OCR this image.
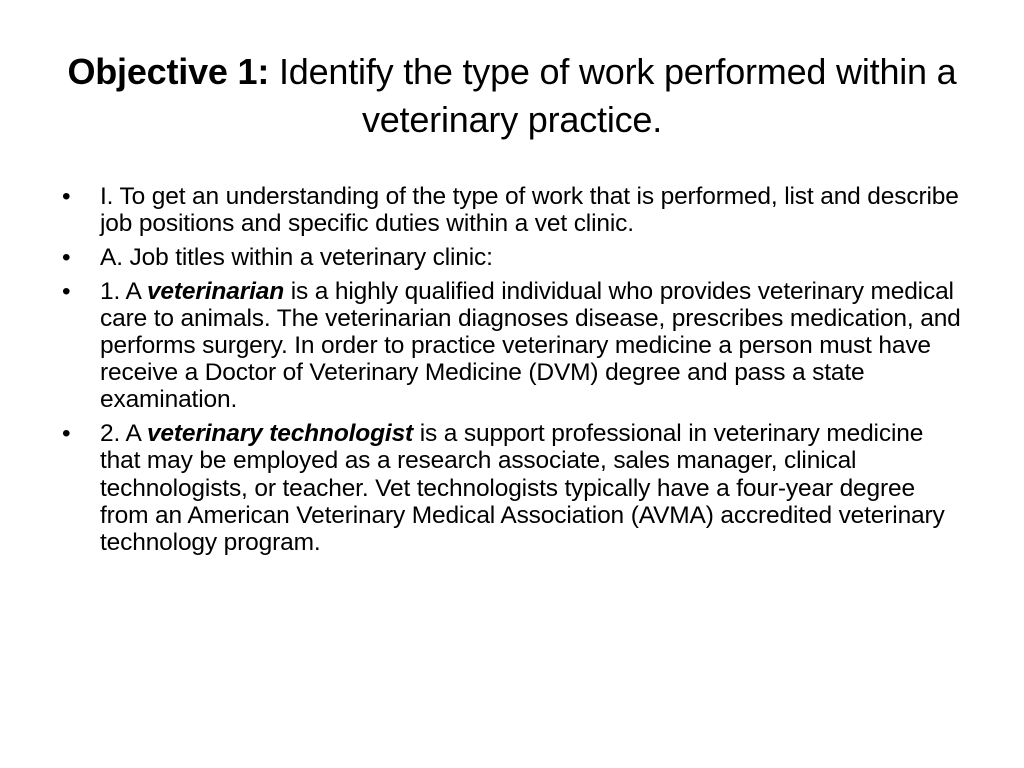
Objective 1: Identify the type of work performed within a veterinary practice.
•	I. To get an understanding of the type of work that is performed, list and describe job positions and specific duties within a vet clinic.
•	A. Job titles within a veterinary clinic:
•	1. A veterinarian is a highly qualified individual who provides veterinary medical care to animals. The veterinarian diagnoses disease, prescribes medication, and performs surgery. In order to practice veterinary medicine a person must have receive a Doctor of Veterinary Medicine (DVM) degree and pass a state examination.
•	2. A veterinary technologist is a support professional in veterinary medicine that may be employed as a research associate, sales manager, clinical technologists, or teacher. Vet technologists typically have a four-year degree from an American Veterinary Medical Association (AVMA) accredited veterinary technology program.
